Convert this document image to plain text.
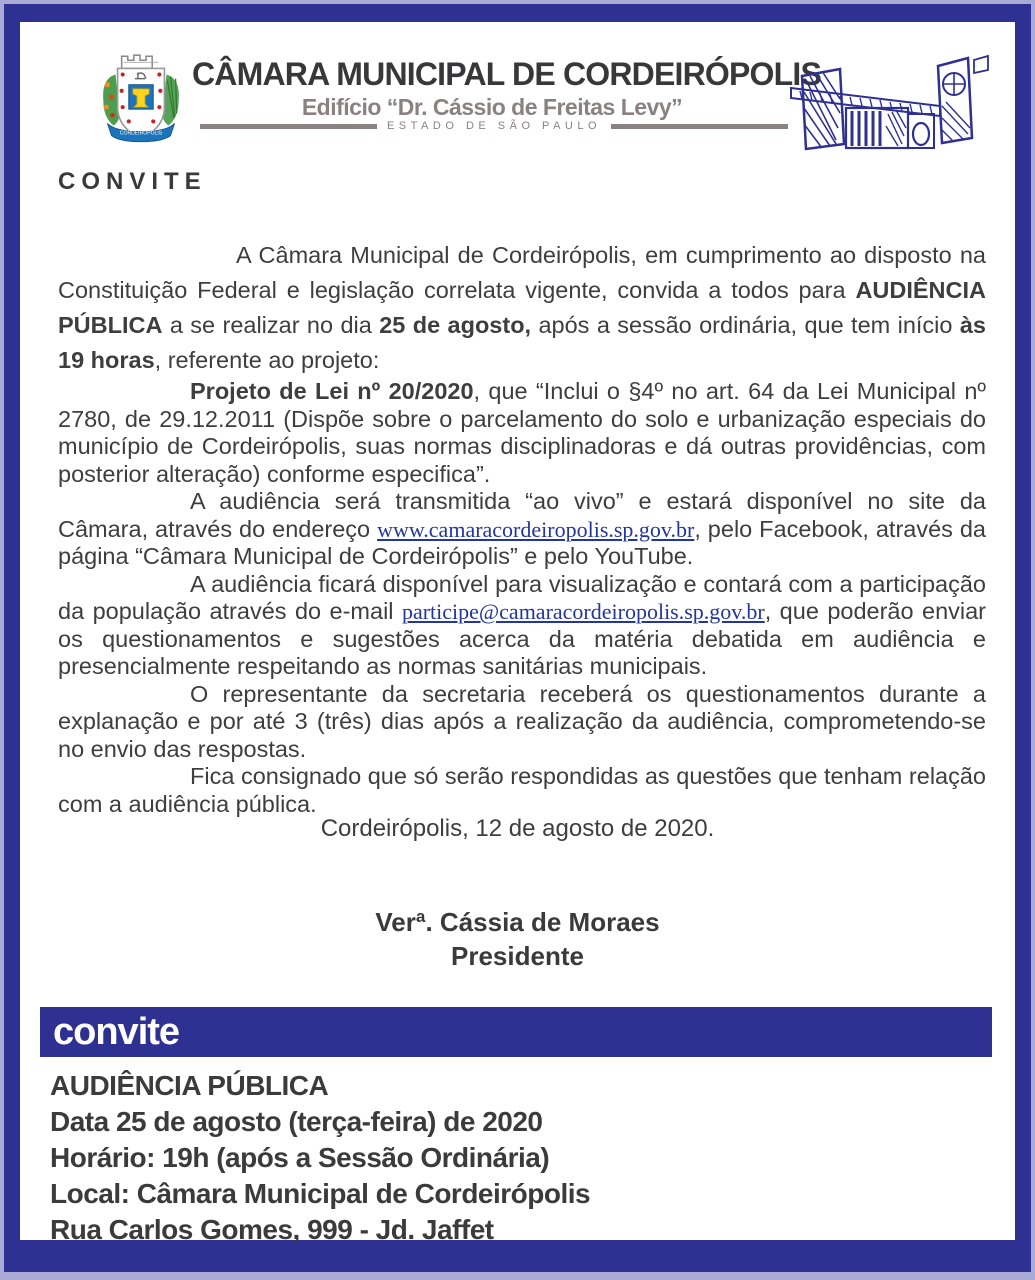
CORDEIRÓPOLIS
CÂMARA MUNICIPAL DE CORDEIRÓPOLIS
Edifício “Dr. Cássio de Freitas Levy”
ESTADO DE SÃO PAULO
CONVITE

A Câmara Municipal de Cordeirópolis, em cumprimento ao disposto na Constituição Federal e legislação correlata vigente, convida a todos para AUDIÊNCIA PÚBLICA a se realizar no dia 25 de agosto, após a sessão ordinária, que tem início às 19 horas, referente ao projeto:

Projeto de Lei nº 20/2020, que “Inclui o §4º no art. 64 da Lei Municipal nº 2780, de 29.12.2011 (Dispõe sobre o parcelamento do solo e urbanização especiais do município de Cordeirópolis, suas normas disciplinadoras e dá outras providências, com posterior alteração) conforme especifica”.

A audiência será transmitida “ao vivo” e estará disponível no site da Câmara, através do endereço www.camaracordeiropolis.sp.gov.br, pelo Facebook, através da página “Câmara Municipal de Cordeirópolis” e pelo YouTube.

A audiência ficará disponível para visualização e contará com a participação da população através do e-mail participe@camaracordeiropolis.sp.gov.br, que poderão enviar os questionamentos e sugestões acerca da matéria debatida em audiência e presencialmente respeitando as normas sanitárias municipais.

O representante da secretaria receberá os questionamentos durante a explanação e por até 3 (três) dias após a realização da audiência, comprometendo-se no envio das respostas.

Fica consignado que só serão respondidas as questões que tenham relação com a audiência pública.

Cordeirópolis, 12 de agosto de 2020.
Verª. Cássia de Moraes
Presidente
convite
AUDIÊNCIA PÚBLICA
Data 25 de agosto (terça-feira) de 2020
Horário: 19h (após a Sessão Ordinária)
Local: Câmara Municipal de Cordeirópolis
Rua Carlos Gomes, 999 - Jd. Jaffet
